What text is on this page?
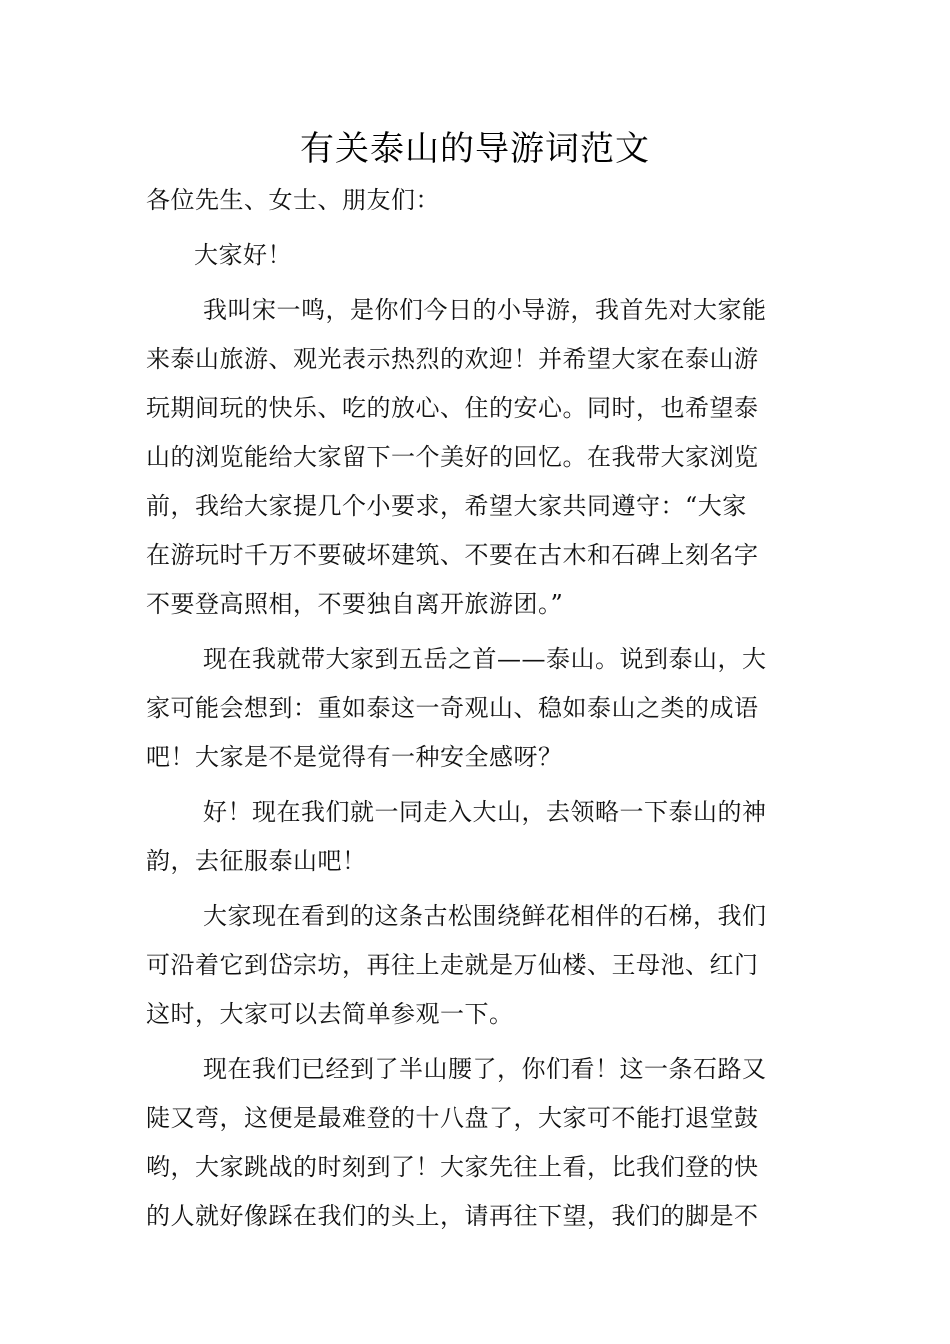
有关泰山的导游词范文
各位先生、女士、朋友们：
大家好！
我叫宋一鸣，是你们今日的小导游，我首先对大家能
来泰山旅游、观光表示热烈的欢迎！并希望大家在泰山游
玩期间玩的快乐、吃的放心、住的安心。同时，也希望泰
山的浏览能给大家留下一个美好的回忆。在我带大家浏览
前，我给大家提几个小要求，希望大家共同遵守：“大家
在游玩时千万不要破坏建筑、不要在古木和石碑上刻名字
不要登高照相，不要独自离开旅游团。”
现在我就带大家到五岳之首——泰山。说到泰山，大
家可能会想到：重如泰这一奇观山、稳如泰山之类的成语
吧！大家是不是觉得有一种安全感呀？
好！现在我们就一同走入大山，去领略一下泰山的神
韵，去征服泰山吧！
大家现在看到的这条古松围绕鲜花相伴的石梯，我们
可沿着它到岱宗坊，再往上走就是万仙楼、王母池、红门
这时，大家可以去简单参观一下。
现在我们已经到了半山腰了，你们看！这一条石路又
陡又弯，这便是最难登的十八盘了，大家可不能打退堂鼓
哟，大家跳战的时刻到了！大家先往上看，比我们登的快
的人就好像踩在我们的头上，请再往下望，我们的脚是不
